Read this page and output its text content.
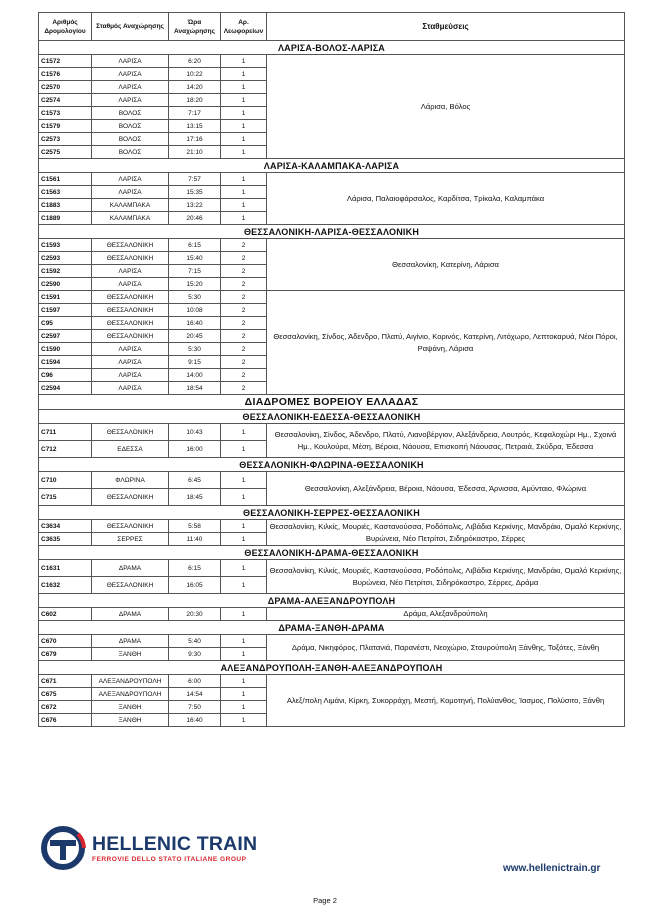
Αριθμός Δρομολογίου	Σταθμός Αναχώρησης	Ώρα Αναχώρησης	Αρ. Λεωφορείων	Σταθμεύσεις
ΛΑΡΙΣΑ-ΒΟΛΟΣ-ΛΑΡΙΣΑ				
C1572	ΛΑΡΙΣΑ	6:20	1	Λάρισα, Βόλος
C1576	ΛΑΡΙΣΑ	10:22	1	
C2570	ΛΑΡΙΣΑ	14:20	1	
C2574	ΛΑΡΙΣΑ	18:20	1	
C1573	ΒΟΛΟΣ	7:17	1	
C1579	ΒΟΛΟΣ	13:15	1	
C2573	ΒΟΛΟΣ	17:16	1	
C2575	ΒΟΛΟΣ	21:10	1	
ΛΑΡΙΣΑ-ΚΑΛΑΜΠΑΚΑ-ΛΑΡΙΣΑ				
C1561	ΛΑΡΙΣΑ	7:57	1	Λάρισα, Παλαιοφάρσαλος, Καρδίτσα, Τρίκαλα, Καλαμπάκα
C1563	ΛΑΡΙΣΑ	15:35	1	
C1883	ΚΑΛΑΜΠΑΚΑ	13:22	1	
C1889	ΚΑΛΑΜΠΑΚΑ	20:46	1	
ΘΕΣΣΑΛΟΝΙΚΗ-ΛΑΡΙΣΑ-ΘΕΣΣΑΛΟΝΙΚΗ				
C1593	ΘΕΣΣΑΛΟΝΙΚΗ	6:15	2	Θεσσαλονίκη, Κατερίνη, Λάρισα
C2593	ΘΕΣΣΑΛΟΝΙΚΗ	15:40	2	
C1592	ΛΑΡΙΣΑ	7:15	2	
C2590	ΛΑΡΙΣΑ	15:20	2	
C1591	ΘΕΣΣΑΛΟΝΙΚΗ	5:30	2	Θεσσαλονίκη, Σίνδος, Άδενδρο, Πλατύ, Αιγίνιο, Κορινός, Κατερίνη, Λιτόχωρο, Λεπτοκαρυά, Νέοι Πόροι, Ραψάνη, Λάρισα
C1597	ΘΕΣΣΑΛΟΝΙΚΗ	10:08	2	
C95	ΘΕΣΣΑΛΟΝΙΚΗ	16:40	2	
C2597	ΘΕΣΣΑΛΟΝΙΚΗ	20:45	2	
C1590	ΛΑΡΙΣΑ	5:30	2	
C1594	ΛΑΡΙΣΑ	9:15	2	
C96	ΛΑΡΙΣΑ	14:00	2	
C2594	ΛΑΡΙΣΑ	18:54	2	
ΔΙΑΔΡΟΜΕΣ ΒΟΡΕΙΟΥ ΕΛΛΑΔΑΣ				
ΘΕΣΣΑΛΟΝΙΚΗ-ΕΔΕΣΣΑ-ΘΕΣΣΑΛΟΝΙΚΗ				
C711	ΘΕΣΣΑΛΟΝΙΚΗ	10:43	1	Θεσσαλονίκη, Σίνδος, Άδενδρο, Πλατύ, Λιανοβέργιον, Αλεξάνδρεια, Λουτρός, Κεφαλοχώρι Ημ., Σχοινά Ημ., Κουλούρα, Μέση, Βέροια, Νάουσα, Επισκοπή Νάουσας, Πετραιά, Σκύδρα, Έδεσσα
C712	ΕΔΕΣΣΑ	16:00	1	
ΘΕΣΣΑΛΟΝΙΚΗ-ΦΛΩΡΙΝΑ-ΘΕΣΣΑΛΟΝΙΚΗ				
C710	ΦΛΩΡΙΝΑ	6:45	1	Θεσσαλονίκη, Αλεξάνδρεια, Βέροια, Νάουσα, Έδεσσα, Άρνισσα, Αμύνταιο, Φλώρινα
C715	ΘΕΣΣΑΛΟΝΙΚΗ	18:45	1	
ΘΕΣΣΑΛΟΝΙΚΗ-ΣΕΡΡΕΣ-ΘΕΣΣΑΛΟΝΙΚΗ				
C3634	ΘΕΣΣΑΛΟΝΙΚΗ	5:58	1	Θεσσαλονίκη, Κιλκίς, Μουριές, Καστανούσσα, Ροδόπολις, Λιβάδια Κερκίνης, Μανδράκι, Ομαλό Κερκίνης, Βυρώνεια, Νέο Πετρίτσι, Σιδηρόκαστρο, Σέρρες
C3635	ΣΕΡΡΕΣ	11:40	1	
ΘΕΣΣΑΛΟΝΙΚΗ-ΔΡΑΜΑ-ΘΕΣΣΑΛΟΝΙΚΗ				
C1631	ΔΡΑΜΑ	6:15	1	Θεσσαλονίκη, Κιλκίς, Μουριές, Καστανούσσα, Ροδόπολις, Λιβάδια Κερκίνης, Μανδράκι, Ομαλό Κερκίνης, Βυρώνεια, Νέο Πετρίτσι, Σιδηρόκαστρο, Σέρρες, Δράμα
C1632	ΘΕΣΣΑΛΟΝΙΚΗ	16:05	1	
ΔΡΑΜΑ-ΑΛΕΞΑΝΔΡΟΥΠΟΛΗ				
C602	ΔΡΑΜΑ	20:30	1	Δράμα, Αλεξανδρούπολη
ΔΡΑΜΑ-ΞΑΝΘΗ-ΔΡΑΜΑ				
C670	ΔΡΑΜΑ	5:40	1	Δράμα, Νικηφόρος, Πλατανιά, Παρανέστι, Νεοχώριο, Σταυρούπολη Ξάνθης, Τοξότες, Ξάνθη
C679	ΞΑΝΘΗ	9:30	1	
ΑΛΕΞΑΝΔΡΟΥΠΟΛΗ-ΞΑΝΘΗ-ΑΛΕΞΑΝΔΡΟΥΠΟΛΗ				
C671	ΑΛΕΞΑΝΔΡΟΥΠΟΛΗ	6:00	1	Αλεξ/πολη Λιμάνι, Κίρκη, Συκορράχη, Μεστή, Κομοτηνή, Πολύανθος, Ίασμος, Πολύσιτο, Ξάνθη
C675	ΑΛΕΞΑΝΔΡΟΥΠΟΛΗ	14:54	1	
C672	ΞΑΝΘΗ	7:50	1	
C676	ΞΑΝΘΗ	16:40	1	
HELLENIC TRAIN
FERROVIE DELLO STATO ITALIANE GROUP
www.hellenictrain.gr
Page 2
